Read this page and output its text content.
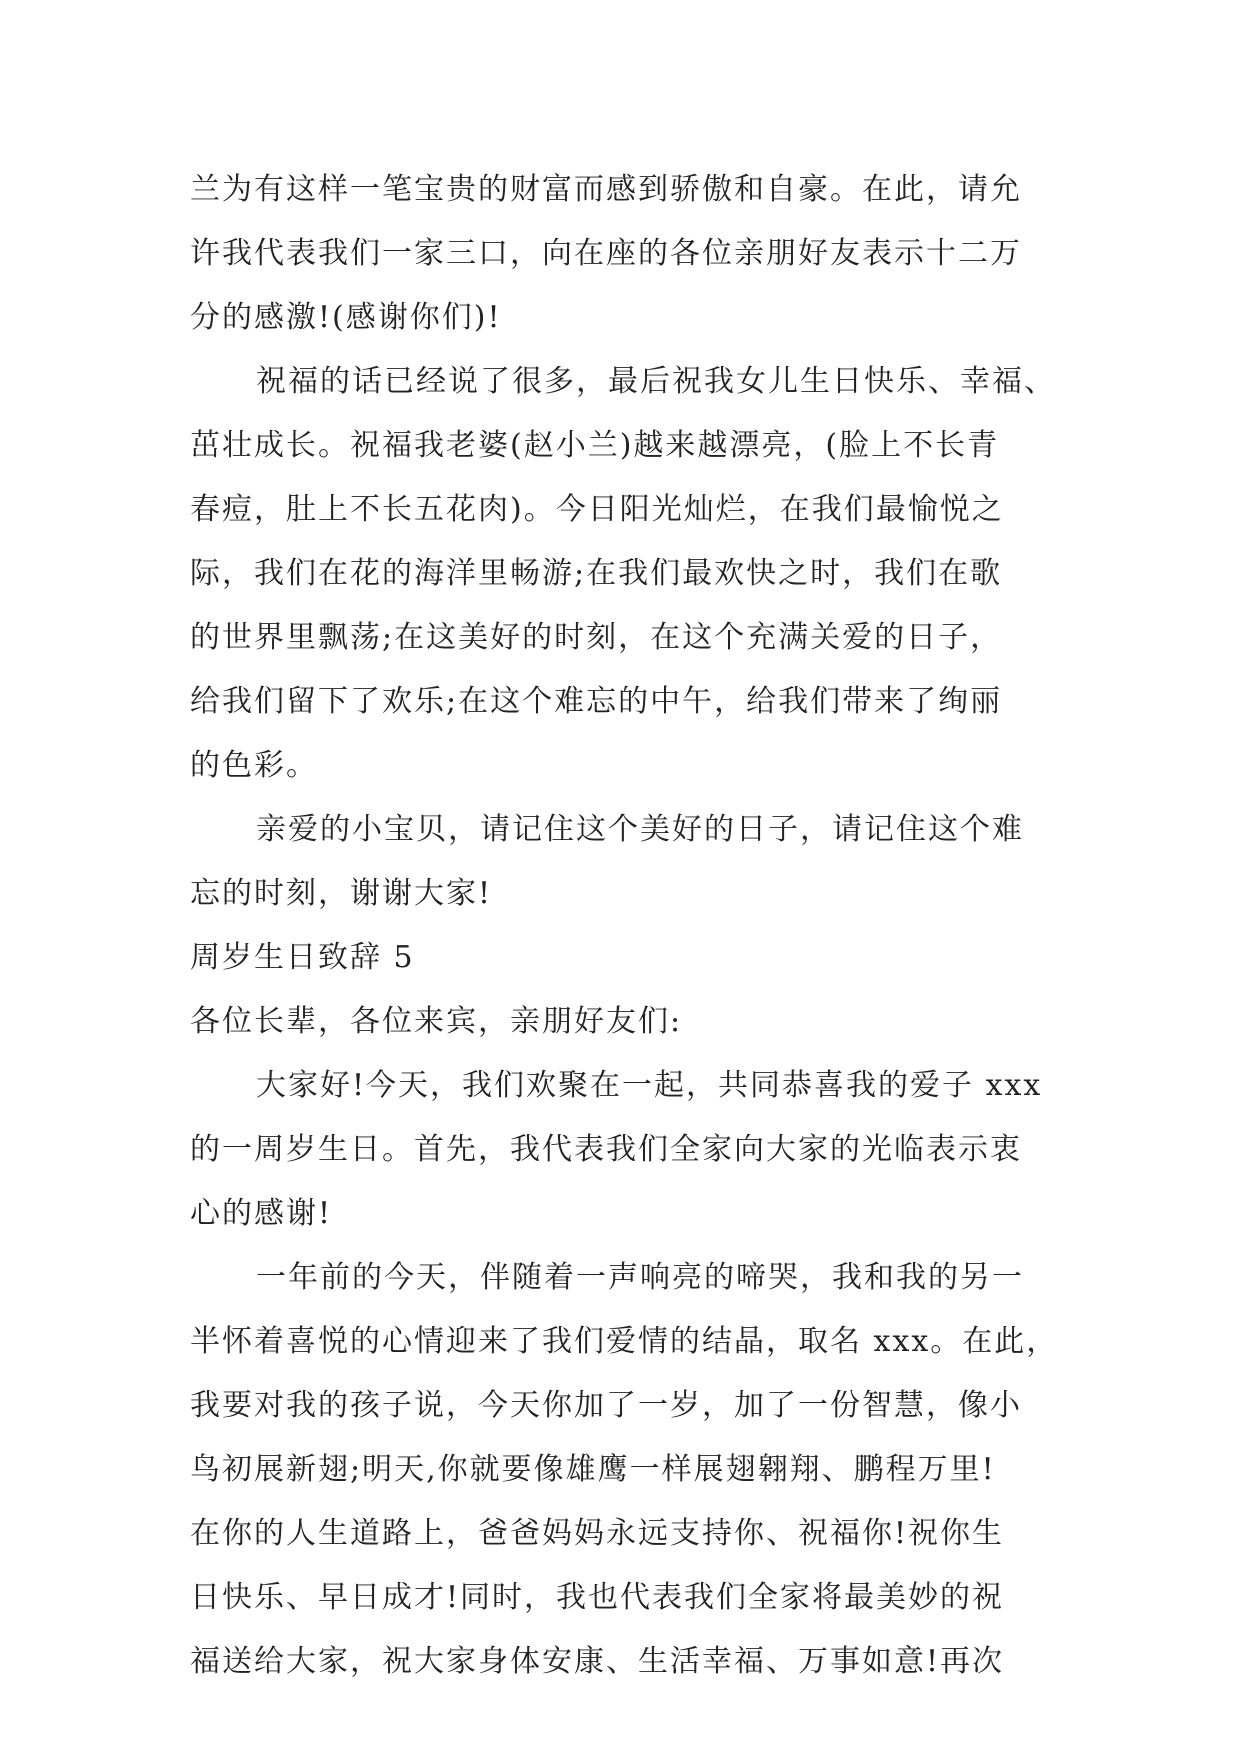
兰为有这样一笔宝贵的财富而感到骄傲和自豪。在此，请允
许我代表我们一家三口，向在座的各位亲朋好友表示十二万
分的感激!(感谢你们)!
祝福的话已经说了很多，最后祝我女儿生日快乐、幸福、
茁壮成长。祝福我老婆(赵小兰)越来越漂亮，(脸上不长青
春痘，肚上不长五花肉)。今日阳光灿烂，在我们最愉悦之
际，我们在花的海洋里畅游;在我们最欢快之时，我们在歌
的世界里飘荡;在这美好的时刻，在这个充满关爱的日子，
给我们留下了欢乐;在这个难忘的中午，给我们带来了绚丽
的色彩。
亲爱的小宝贝，请记住这个美好的日子，请记住这个难
忘的时刻，谢谢大家!
周岁生日致辞 5
各位长辈，各位来宾，亲朋好友们:
大家好!今天，我们欢聚在一起，共同恭喜我的爱子 xxx
的一周岁生日。首先，我代表我们全家向大家的光临表示衷
心的感谢!
一年前的今天，伴随着一声响亮的啼哭，我和我的另一
半怀着喜悦的心情迎来了我们爱情的结晶，取名 xxx。在此，
我要对我的孩子说，今天你加了一岁，加了一份智慧，像小
鸟初展新翅;明天,你就要像雄鹰一样展翅翱翔、鹏程万里!
在你的人生道路上，爸爸妈妈永远支持你、祝福你!祝你生
日快乐、早日成才!同时，我也代表我们全家将最美妙的祝
福送给大家，祝大家身体安康、生活幸福、万事如意!再次
